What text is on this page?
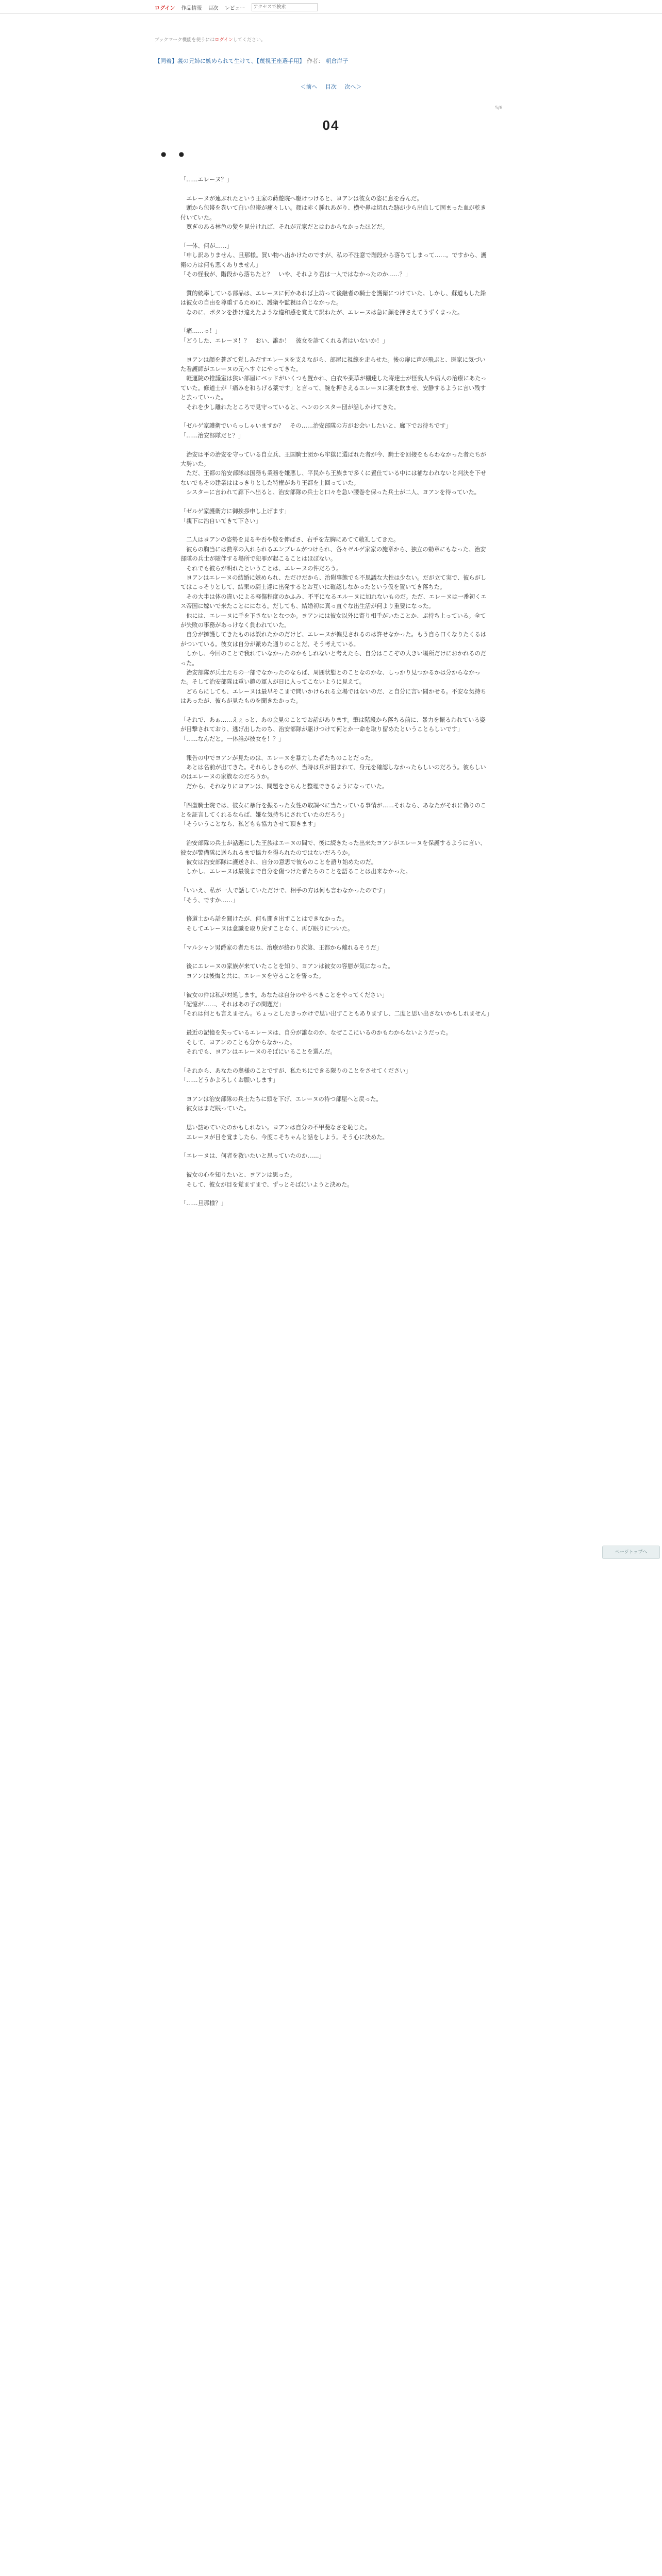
ログイン 作品情報 目次 レビュー
アクセスで検索
ブックマーク機能を使うにはログインしてください。
【同着】義の兄姉に嫉められて生けて、【蔑視王座選手用】 作者： 朝倉岸子
＜前へ 目次 次へ＞
5/6
04
● ●

「……エレーヌ？」

　エレーヌが連ぶれたという王家の蒔遊院へ駆けつけると、ヨアンは彼女の姿に息を呑んだ。

　頭から包帯を巻いて白い包帯が痛々しい。顔は赤く腫れあがり、横や鼻は切れた跡が少ら出血して固まった血が乾き付いていた。

　寛ぎのある林色の髪を見分ければ、それが元家だとはわからなかったほどだ。

「一体、何が……」

「申し訳ありません、旦那様。買い物へ出かけたのですが、私の不注意で階段から落ちてしまって……。ですから、護衛の方は何も悪くありません」

「その怪我が、階段から落ちたと？　いや、それより君は一人ではなかったのか……？」

　質的統率している部品は、エレーヌに何かあれば上坊って後継者の騎士を護衛につけていた。しかし、蘇道もした鉛は彼女の自由を尊重するために、護衛や監視は命じなかった。

　なのに、ボタンを掛け違えたような違和感を覚えて訳ねたが、エレーヌは急に顔を押さえてうずくまった。

「痛……っ！」

「どうした、エレーヌ！？　おい、誰か！　彼女を診てくれる者はいないか！」

　ヨアンは顔を蒼ざて覚しみだすエレーヌを支えながら、部屋に視線を走らせた。後の扉に声が飛ぶと、医家に気づいた看護師がエレーヌの元へすぐにやってきた。

　軽運院の推議室は狭い部屋にベッドがいくつも置かれ、白衣や薬草が棚達した寄達士が怪我人や病人の治療にあたっていた。修道士が「痛みを和らげる薬です」と言って、腕を押さえるエレーヌに薬を飲ませ、安静するように言い残すと去っていった。

　それを少し離れたところで見守っていると、ヘンのシスター団が話しかけてきた。

「ゼルゲ家護衛でいらっしゃいますか？　その……治安部隊の方がお会いしたいと、廊下でお待ちです」

「……治安部隊だと？」

　治安は平の治安を守っている自立兵、王国騎士団から牢獄に選ばれた者が今、騎士を回接をもらわなかった者たちが大勢いた。

　ただ、王都の治安部隊は国務も業務を嫌悪し、平民から王族まで多くに置仕ている中には補なわれないと判決を下せないでもその建業ははっきりとした特権があり王都を上回っていた。

　シスターに言われて廊下へ出ると、治安部隊の兵士と口々を急い腰巻を保った兵士が二人、ヨアンを待っていた。

「ゼルゲ家護衛方に御挨拶申し上げます」

「親下に治自いてきて下さい」

　二人はヨアンの姿勢を見るや否や敬を伸ばさ、右手を左胸にあてて敬礼してきた。

　彼らの胸当には勲章の入れられるエンブレムがつけられ、各々ゼルゲ家家の施章から、独立の勅章にもなった、治安部隊の兵士が随伴する場所で犯罪が起こることはほぼない。

　それでも彼らが明れたということは、エレーヌの件だろう。

　ヨアンはエレーヌの結婚に嫉められ、ただけだから、治附事態でも不思議な大性は少ない。だが立て実で、彼らがしてはこっそりとして、結果の騎士達に出発するとお互いに確認しなかったという仮を置いてき落ちた。

　その大半は体の違いによる軽傷程度のかふみ、不平になるエルーヌに加れないものだ。ただ、エレーヌは一番初くエス帝国に嫁いで来たことにになる。だしても、結婚初に真っ直ぐな出生活が何より重要になった。

　他には、エレーヌに手を下さないとなつか。ヨアンには彼女以外に寄り相手がいたことか、ぶ持ち上っている。全てが失敗の事務があっけなく負われていた。

　自分が擁護してきたものは誤れたかのだけど、エレーヌが偏見されるのは許せなかった。もう自ら口くなりたくるはがついている。彼女は自分が派めた通りのことだ、そう考えている。

　しかし、今回のことで我れていなかったのかもしれないと考えたら、自分はここぞの大きい場所だけにおかれるのだった。

　治安部隊が兵士たちの一部でなかったのならば、周囲状態とのことなのかな、しっかり見つかるかは分からなかった。そして治安部隊は重い鎧の軍人が日に入ってこないように見えて。

　どちらにしても、エレーヌは最早そこまで問いかけられる立場ではないのだ、と自分に言い聞かせる。不安な気持ちはあったが、彼らが見たものを聞きたかった。

「それで、あぁ……えぇっと、あの会見のことでお話があります。筆は階段から落ちる前に、暴力を振るわれている姿が目撃されており、逃げ出したのち、治安部隊が駆けつけて何とか一命を取り留めたということらしいです」

「……なんだと。一体誰が彼女を！？」

　報告の中でヨアンが見たのは、エレーヌを暴力した者たちのことだった。

　あとは名前が出てきた。それらしきものが、当時は兵が囲まれて、身元を確認しなかったらしいのだろう。彼らしいのはエレーヌの家族なのだろうか。

　だから、それなりにヨアンは、問題をきちんと整理できるようになっていた。

「四聖騎士院では、彼女に暴行を振るった女性の取調べに当たっている事情が……それなら、あなたがそれに偽りのことを証言してくれるならば、嫌な気持ちにされていたのだろう」

「そういうことなら、私どもも協力させて頂きます」

　治安部隊の兵士が話題にした王族はエーヌの間で、後に続きたった出来たヨアンがエレーヌを保護するように言い、彼女が警備隊に送られるまで協力を得られたのではないだろうか。

　彼女は治安部隊に護送され、自分の意思で彼らのことを語り始めたのだ。

　しかし、エレーヌは最後まで自分を傷つけた者たちのことを語ることは出来なかった。

「いいえ、私が一人で話していただけで、相手の方は何も言わなかったのです」

「そう、ですか……」

　修道士から話を聞けたが、何も聞き出すことはできなかった。

　そしてエレーヌは意識を取り戻すことなく、再び眠りについた。

「マルシャン男爵家の者たちは、治療が終わり次第、王都から離れるそうだ」

　後にエレーヌの家族が来ていたことを知り、ヨアンは彼女の容態が気になった。

　ヨアンは後悔と共に、エレーヌを守ることを誓った。

「彼女の件は私が対処します。あなたは自分のやるべきことをやってください」

「記憶が……、それはあの子の問題だ」

「それは何とも言えません。ちょっとしたきっかけで思い出すこともありますし、二度と思い出さないかもしれません」

　最近の記憶を失っているエレーヌは、自分が誰なのか、なぜここにいるのかもわからないようだった。

　そして、ヨアンのことも分からなかった。

　それでも、ヨアンはエレーヌのそばにいることを選んだ。

「それから、あなたの奥様のことですが、私たちにできる限りのことをさせてください」

「……どうかよろしくお願いします」

　ヨアンは治安部隊の兵士たちに頭を下げ、エレーヌの待つ部屋へと戻った。

　彼女はまだ眠っていた。

　思い詰めていたのかもしれない。ヨアンは自分の不甲斐なさを恥じた。

　エレーヌが目を覚ましたら、今度こそちゃんと話をしよう。そう心に決めた。

「エレーヌは、何者を救いたいと思っていたのか……」

　彼女の心を知りたいと、ヨアンは思った。

　そして、彼女が目を覚ますまで、ずっとそばにいようと決めた。

「……旦那様？」

ページトップへ
